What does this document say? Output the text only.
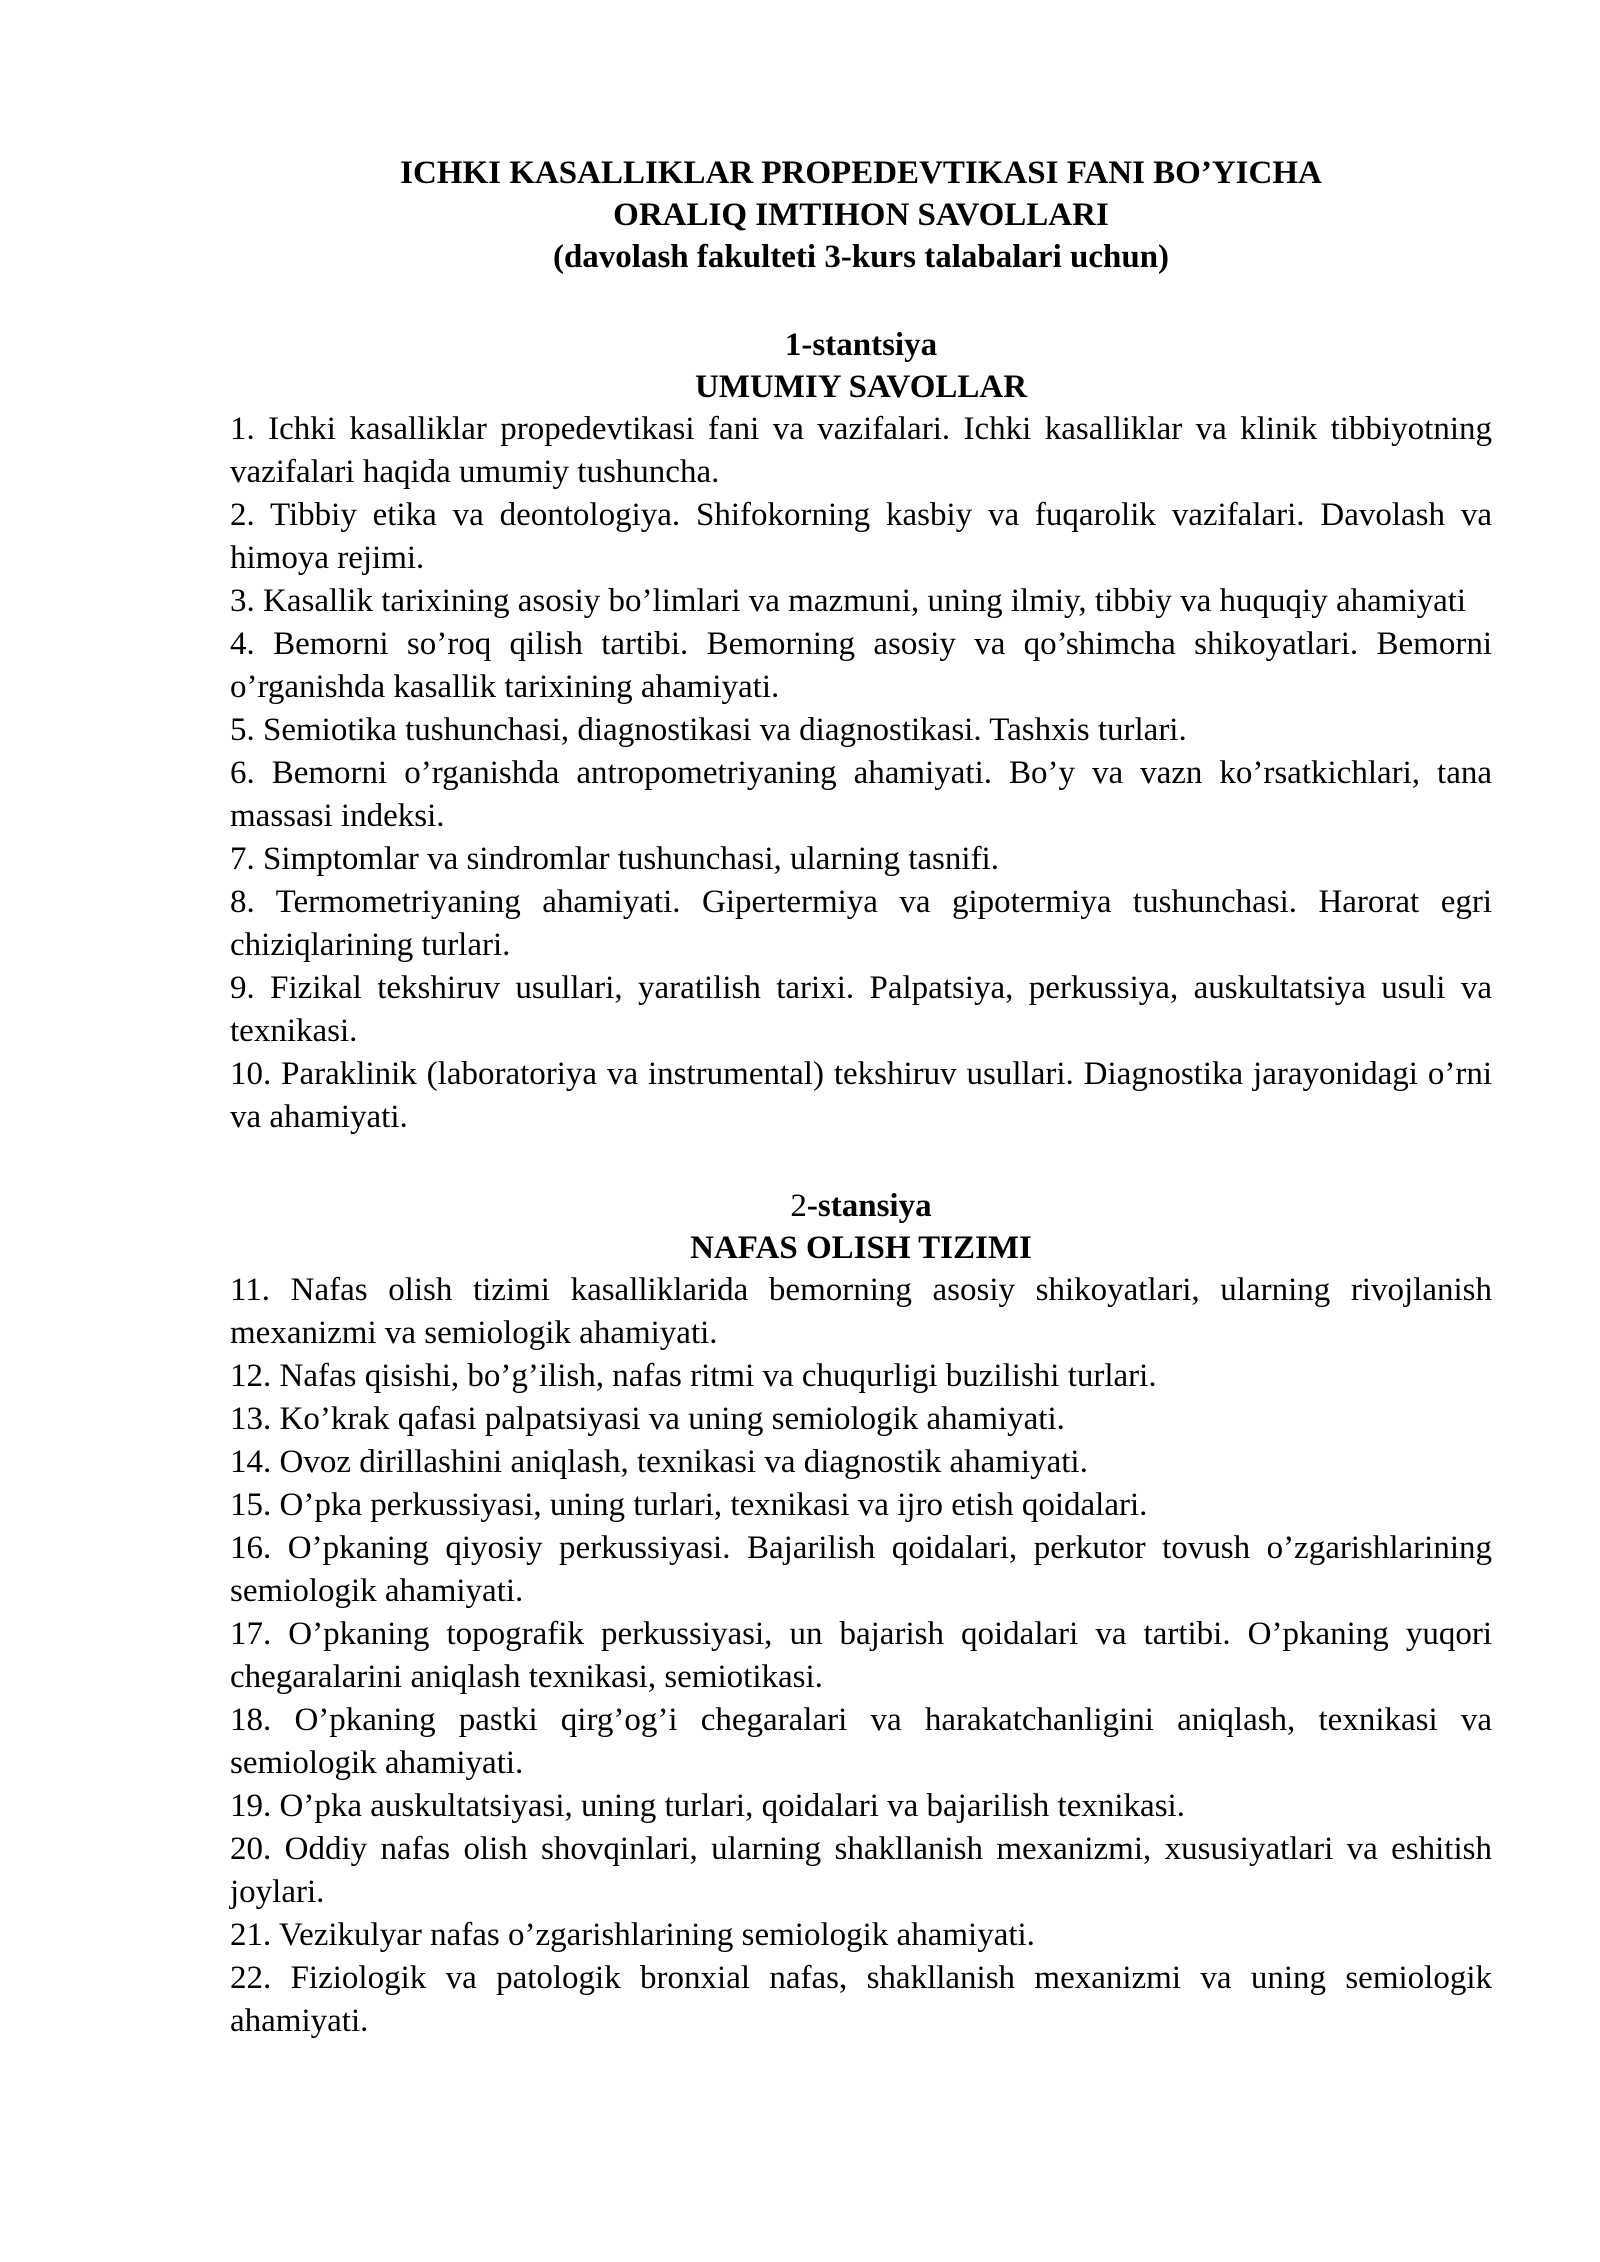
ICHKI KASALLIKLAR PROPEDEVTIKASI FANI BO’YICHA
ORALIQ IMTIHON SAVOLLARI
(davolash fakulteti 3-kurs talabalari uchun)
1-stantsiya
UMUMIY SAVOLLAR
1. Ichki kasalliklar propedevtikasi fani va vazifalari. Ichki kasalliklar va klinik tibbiyotning vazifalari haqida umumiy tushuncha.
2. Tibbiy etika va deontologiya. Shifokorning kasbiy va fuqarolik vazifalari. Davolash va himoya rejimi.
3. Kasallik tarixining asosiy bo’limlari va mazmuni, uning ilmiy, tibbiy va huquqiy ahamiyati
4. Bemorni so’roq qilish tartibi. Bemorning asosiy va qo’shimcha shikoyatlari. Bemorni o’rganishda kasallik tarixining ahamiyati.
5. Semiotika tushunchasi, diagnostikasi va diagnostikasi. Tashxis turlari.
6. Bemorni o’rganishda antropometriyaning ahamiyati. Bo’y va vazn ko’rsatkichlari, tana massasi indeksi.
7. Simptomlar va sindromlar tushunchasi, ularning tasnifi.
8. Termometriyaning ahamiyati. Gipertermiya va gipotermiya tushunchasi. Harorat egri chiziqlarining turlari.
9. Fizikal tekshiruv usullari, yaratilish tarixi. Palpatsiya, perkussiya, auskultatsiya usuli va texnikasi.
10. Paraklinik (laboratoriya va instrumental) tekshiruv usullari. Diagnostika jarayonidagi o’rni va ahamiyati.
2-stansiya
NAFAS OLISH TIZIMI
11. Nafas olish tizimi kasalliklarida bemorning asosiy shikoyatlari, ularning rivojlanish mexanizmi va semiologik ahamiyati.
12. Nafas qisishi, bo’g’ilish, nafas ritmi va chuqurligi buzilishi turlari.
13. Ko’krak qafasi palpatsiyasi va uning semiologik ahamiyati.
14. Ovoz dirillashini aniqlash, texnikasi va diagnostik ahamiyati.
15. O’pka perkussiyasi, uning turlari, texnikasi va ijro etish qoidalari.
16. O’pkaning qiyosiy perkussiyasi. Bajarilish qoidalari, perkutor tovush o’zgarishlarining semiologik ahamiyati.
17. O’pkaning topografik perkussiyasi, un bajarish qoidalari va tartibi. O’pkaning yuqori chegaralarini aniqlash texnikasi, semiotikasi.
18. O’pkaning pastki qirg’og’i chegaralari va harakatchanligini aniqlash, texnikasi va semiologik ahamiyati.
19. O’pka auskultatsiyasi, uning turlari, qoidalari va bajarilish texnikasi.
20. Oddiy nafas olish shovqinlari, ularning shakllanish mexanizmi, xususiyatlari va eshitish joylari.
21. Vezikulyar nafas o’zgarishlarining semiologik ahamiyati.
22. Fiziologik va patologik bronxial nafas, shakllanish mexanizmi va uning semiologik ahamiyati.
